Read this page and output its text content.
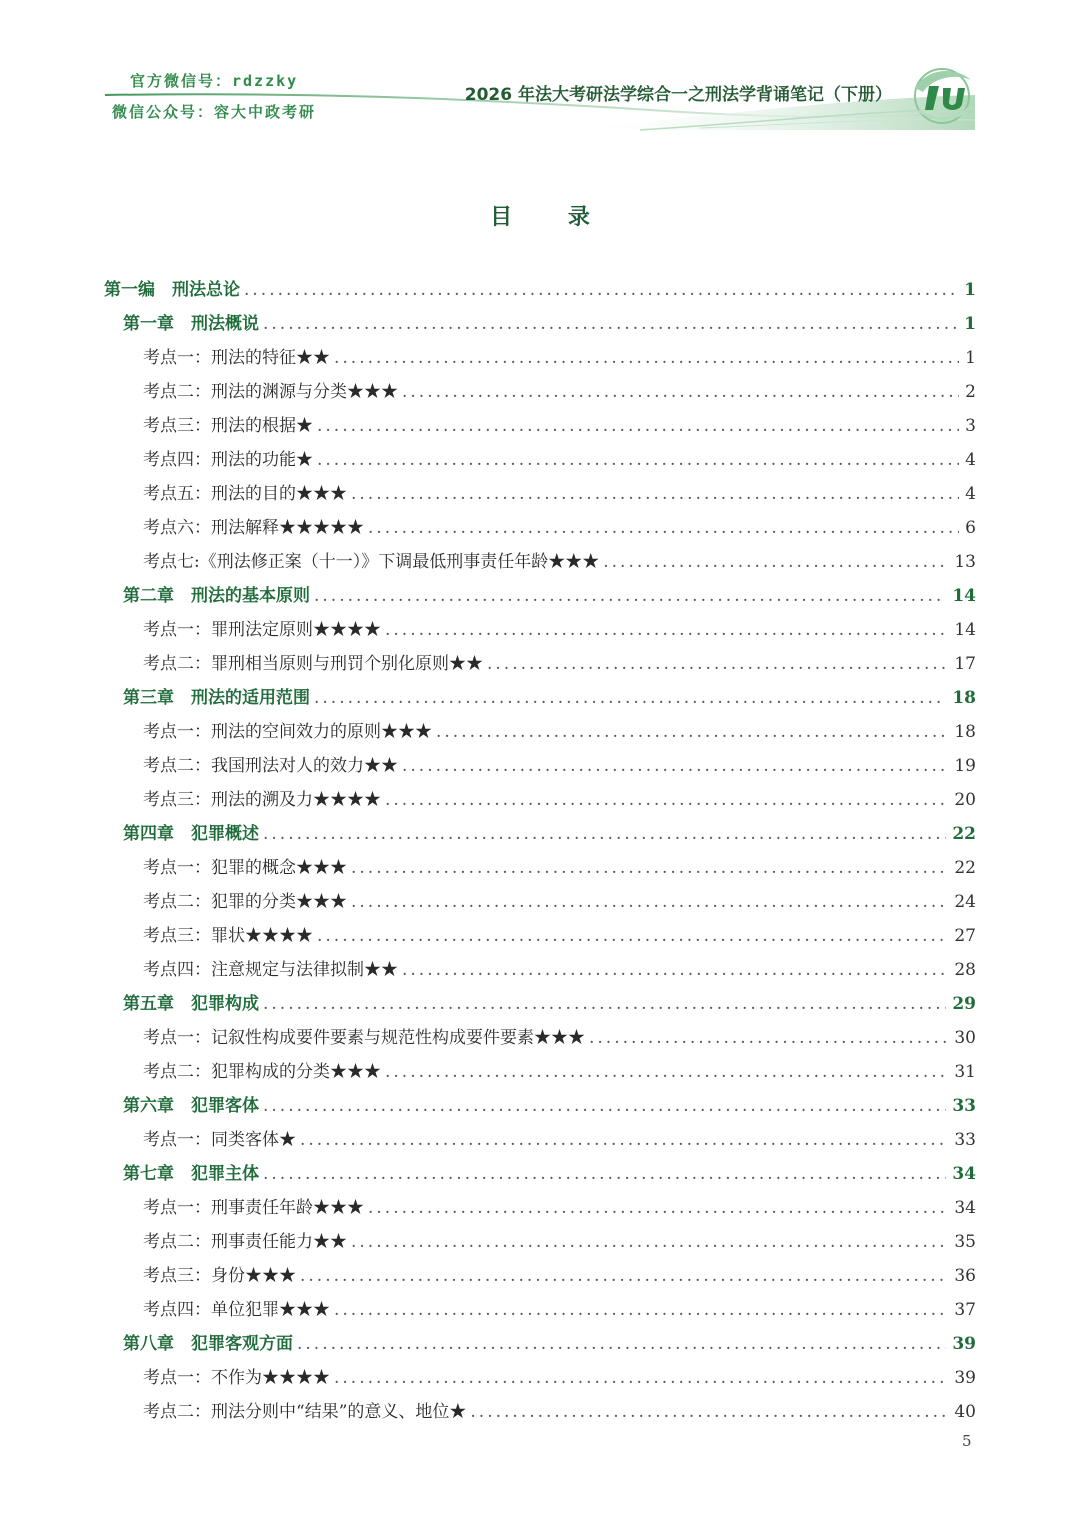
官方微信号：rdzzky
微信公众号：容大中政考研
2026 年法大考研法学综合一之刑法学背诵笔记（下册）
目 录
第一编　刑法总论 .....	1
第一章　刑法概说 .....	1
考点一：刑法的特征★★ .....	1
考点二：刑法的渊源与分类★★★ .....	2
考点三：刑法的根据★ .....	3
考点四：刑法的功能★ .....	4
考点五：刑法的目的★★★ .....	4
考点六：刑法解释★★★★★ .....	6
考点七:《刑法修正案（十一）》下调最低刑事责任年龄★★★ .....	13
第二章　刑法的基本原则 .....	14
考点一：罪刑法定原则★★★★ .....	14
考点二：罪刑相当原则与刑罚个别化原则★★ .....	17
第三章　刑法的适用范围 .....	18
考点一：刑法的空间效力的原则★★★ .....	18
考点二：我国刑法对人的效力★★ .....	19
考点三：刑法的溯及力★★★★ .....	20
第四章　犯罪概述 .....	22
考点一：犯罪的概念★★★ .....	22
考点二：犯罪的分类★★★ .....	24
考点三：罪状★★★★ .....	27
考点四：注意规定与法律拟制★★ .....	28
第五章　犯罪构成 .....	29
考点一：记叙性构成要件要素与规范性构成要件要素★★★ .....	30
考点二：犯罪构成的分类★★★ .....	31
第六章　犯罪客体 .....	33
考点一：同类客体★ .....	33
第七章　犯罪主体 .....	34
考点一：刑事责任年龄★★★ .....	34
考点二：刑事责任能力★★ .....	35
考点三：身份★★★ .....	36
考点四：单位犯罪★★★ .....	37
第八章　犯罪客观方面 .....	39
考点一：不作为★★★★ .....	39
考点二：刑法分则中“结果”的意义、地位★ .....	40
5
